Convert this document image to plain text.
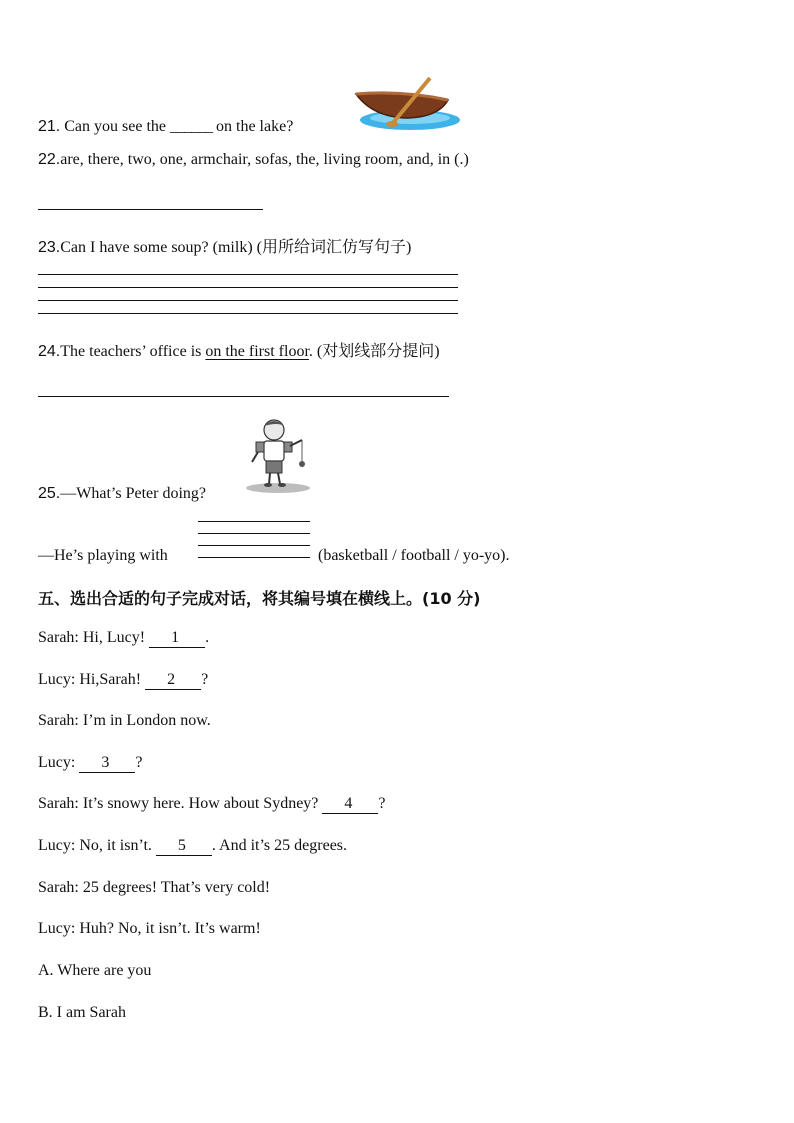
21. Can you see the ______ on the lake?
22.are, there, two, one, armchair, sofas, the, living room, and, in (.)
23.Can I have some soup? (milk) (用所给词汇仿写句子)
24.The teachers’ office is on the first floor. (对划线部分提问)
25.—What’s Peter doing?
—He’s playing with	(basketball / football / yo-yo).
五、选出合适的句子完成对话，将其编号填在横线上。(10 分)
Sarah: Hi, Lucy!      1 .
Lucy: Hi,Sarah!      2 ?
Sarah: I’m in London now.
Lucy:      3 ?
Sarah: It’s snowy here. How about Sydney?      4 ?
Lucy: No, it isn’t.      5 . And it’s 25 degrees.
Sarah: 25 degrees! That’s very cold!
Lucy: Huh? No, it isn’t. It’s warm!
A. Where are you
B. I am Sarah
